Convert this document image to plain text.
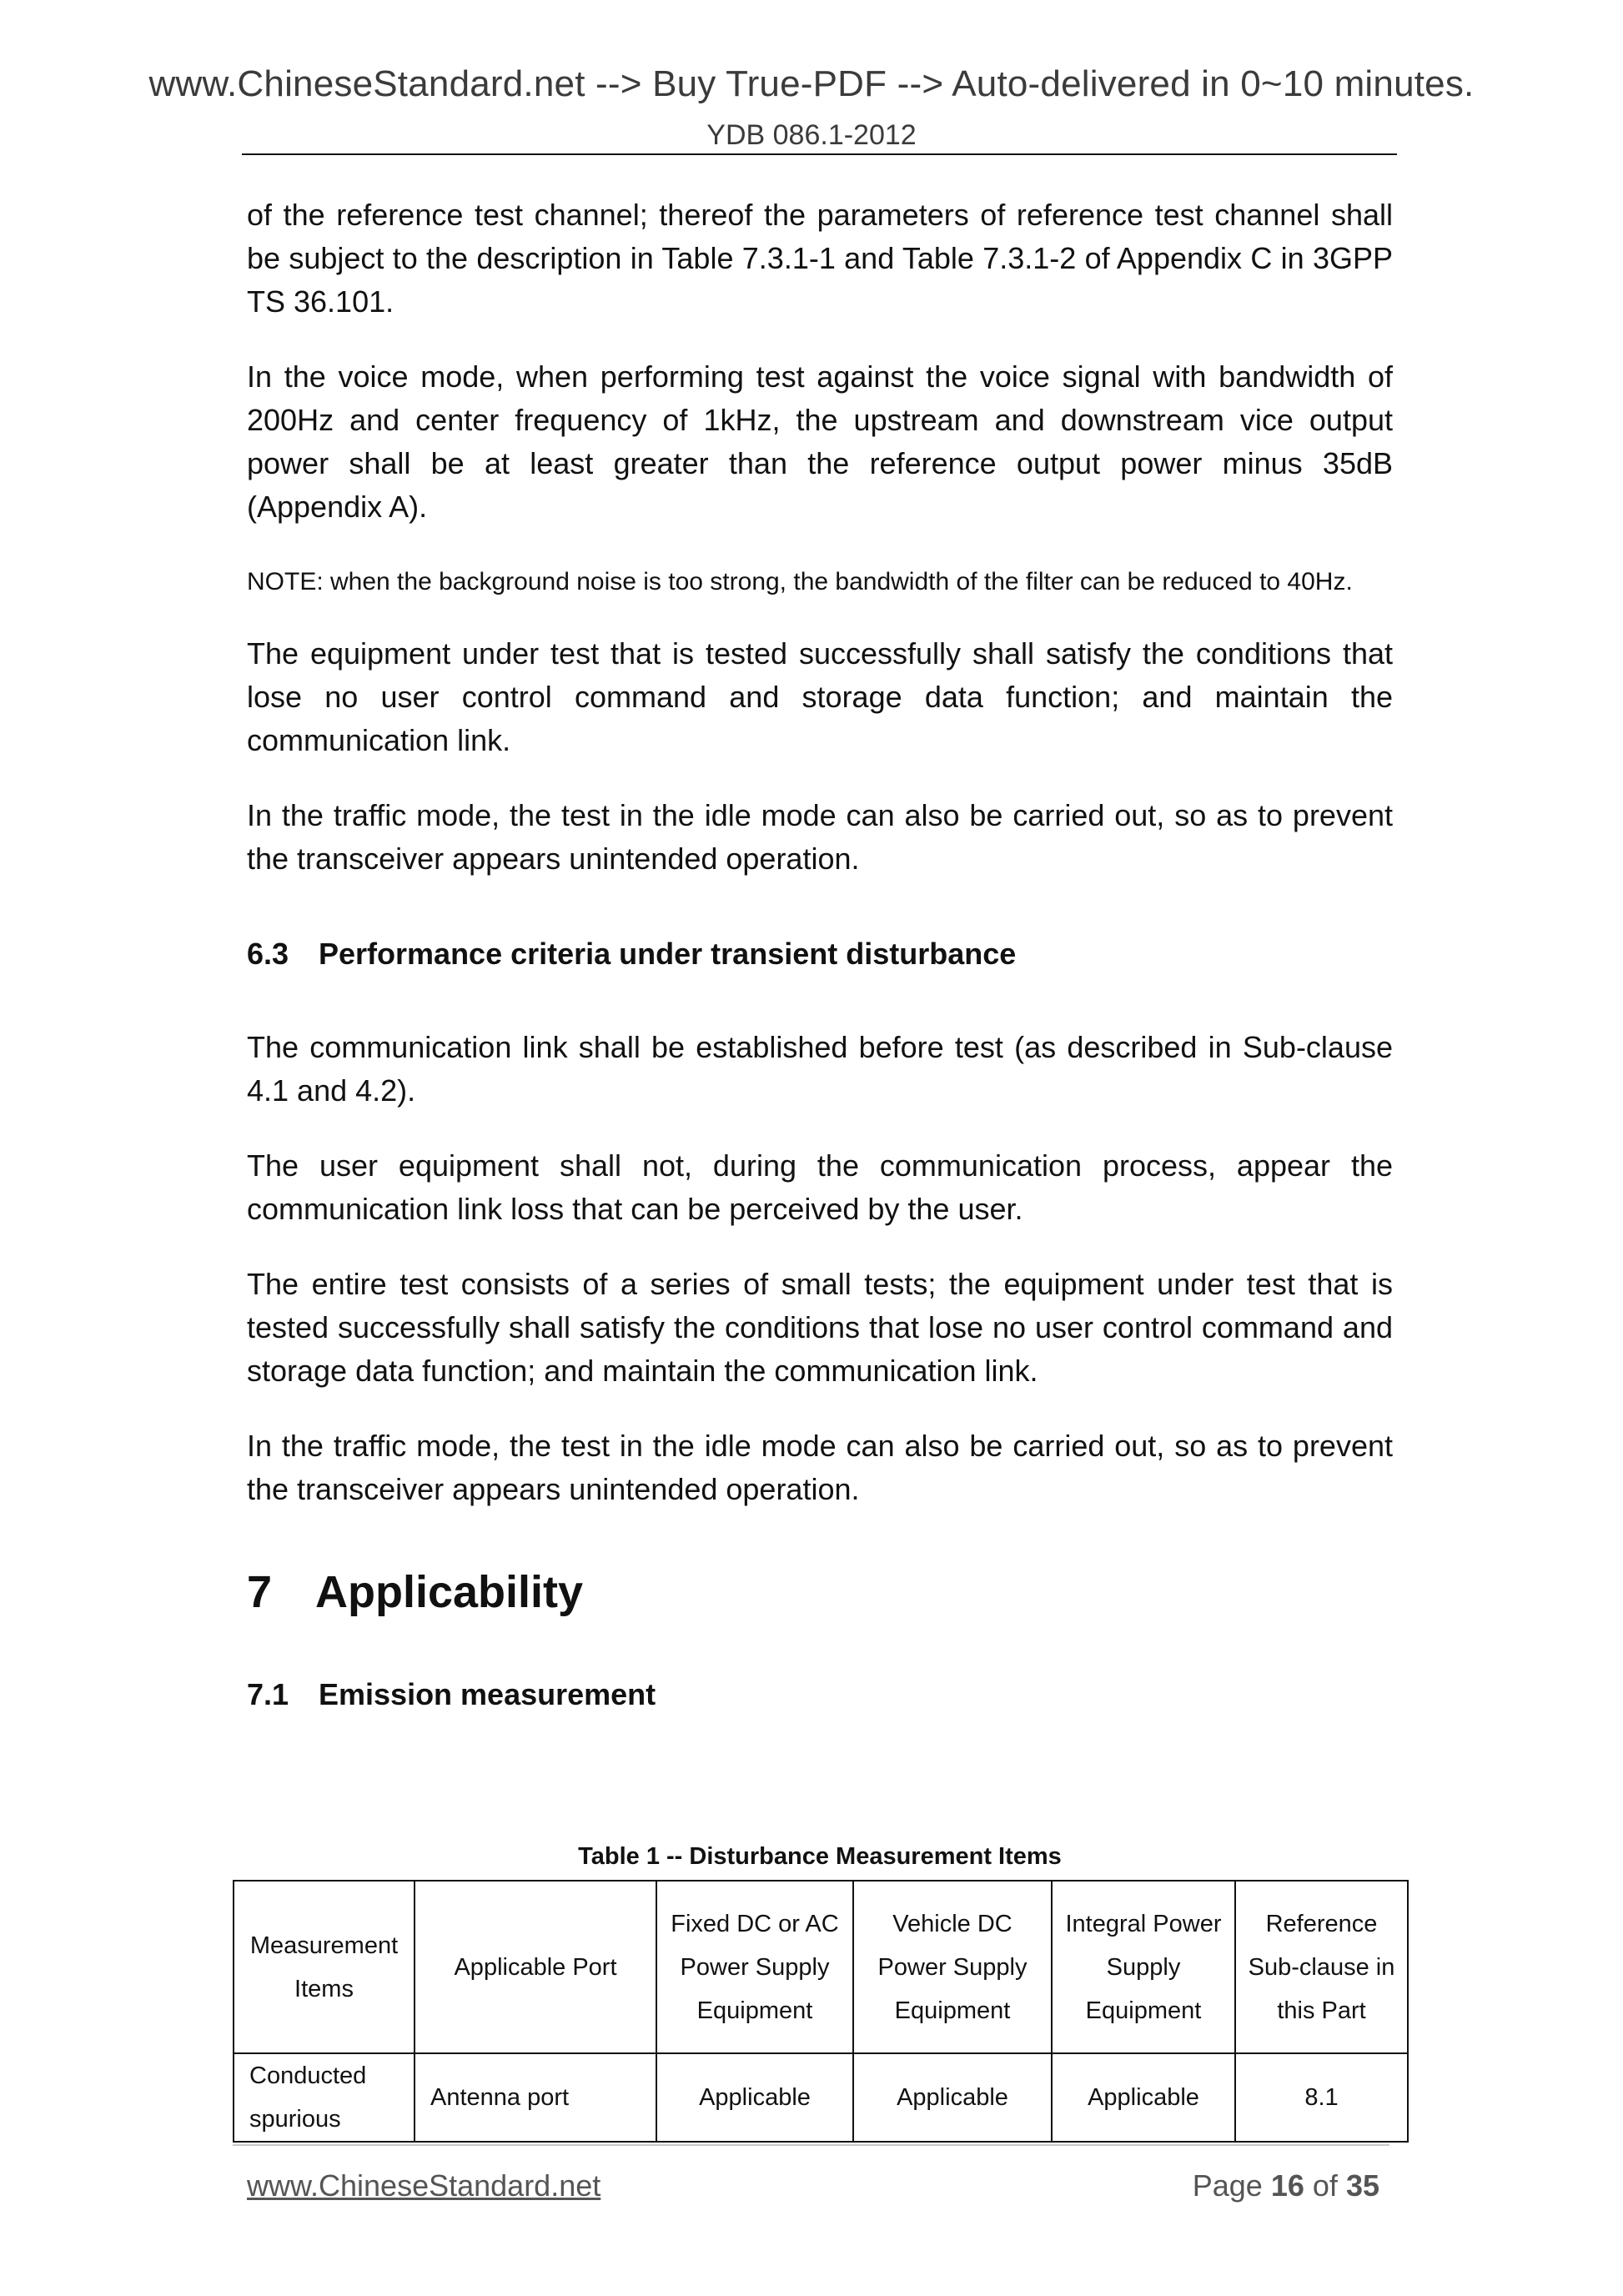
www.ChineseStandard.net --> Buy True-PDF --> Auto-delivered in 0~10 minutes.
YDB 086.1-2012

of the reference test channel; thereof the parameters of reference test channel shall be subject to the description in Table 7.3.1-1 and Table 7.3.1-2 of Appendix C in 3GPP TS 36.101.

In the voice mode, when performing test against the voice signal with bandwidth of 200Hz and center frequency of 1kHz, the upstream and downstream vice output power shall be at least greater than the reference output power minus 35dB (Appendix A).

NOTE: when the background noise is too strong, the bandwidth of the filter can be reduced to 40Hz.

The equipment under test that is tested successfully shall satisfy the conditions that lose no user control command and storage data function; and maintain the communication link.

In the traffic mode, the test in the idle mode can also be carried out, so as to prevent the transceiver appears unintended operation.

6.3 Performance criteria under transient disturbance

The communication link shall be established before test (as described in Sub-clause 4.1 and 4.2).

The user equipment shall not, during the communication process, appear the communication link loss that can be perceived by the user.

The entire test consists of a series of small tests; the equipment under test that is tested successfully shall satisfy the conditions that lose no user control command and storage data function; and maintain the communication link.

In the traffic mode, the test in the idle mode can also be carried out, so as to prevent the transceiver appears unintended operation.

7 Applicability
7.1 Emission measurement
Table 1 -- Disturbance Measurement Items
Measurement Items	Applicable Port	Fixed DC or AC Power Supply Equipment	Vehicle DC Power Supply Equipment	Integral Power Supply Equipment	Reference Sub-clause in this Part
Conducted spurious	Antenna port	Applicable	Applicable	Applicable	8.1
www.ChineseStandard.net	Page 16 of 35
